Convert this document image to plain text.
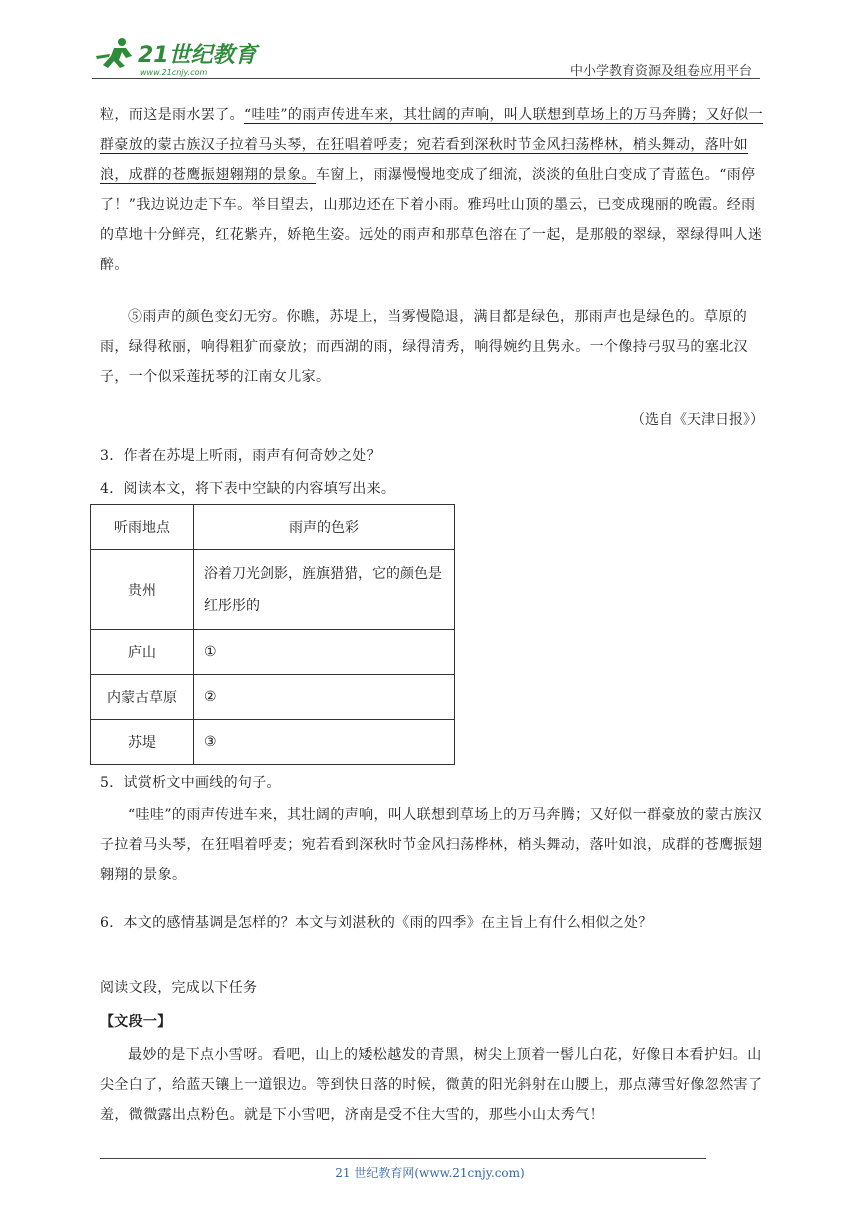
21世纪教育
www.21cnjy.com	中小学教育资源及组卷应用平台

粒，而这是雨水罢了。“哇哇”的雨声传进车来，其壮阔的声响，叫人联想到草场上的万马奔腾；又好似一群豪放的蒙古族汉子拉着马头琴，在狂唱着呼麦；宛若看到深秋时节金风扫荡桦林，梢头舞动，落叶如浪，成群的苍鹰振翅翱翔的景象。车窗上，雨瀑慢慢地变成了细流，淡淡的鱼肚白变成了青蓝色。“雨停了！”我边说边走下车。举目望去，山那边还在下着小雨。雅玛吐山顶的墨云，已变成瑰丽的晚霞。经雨的草地十分鲜亮，红花紫卉，娇艳生姿。远处的雨声和那草色溶在了一起，是那般的翠绿，翠绿得叫人迷醉。

⑤雨声的颜色变幻无穷。你瞧，苏堤上，当雾慢隐退，满目都是绿色，那雨声也是绿色的。草原的雨，绿得秾丽，响得粗犷而豪放；而西湖的雨，绿得清秀，响得婉约且隽永。一个像持弓驭马的塞北汉子，一个似采莲抚琴的江南女儿家。

（选自《天津日报》）

3．作者在苏堤上听雨，雨声有何奇妙之处？

4．阅读本文，将下表中空缺的内容填写出来。

听雨地点	雨声的色彩
贵州	浴着刀光剑影，旌旗猎猎，它的颜色是红彤彤的
庐山	①
内蒙古草原	②
苏堤	③

5．试赏析文中画线的句子。

“哇哇”的雨声传进车来，其壮阔的声响，叫人联想到草场上的万马奔腾；又好似一群豪放的蒙古族汉子拉着马头琴，在狂唱着呼麦；宛若看到深秋时节金风扫荡桦林，梢头舞动，落叶如浪，成群的苍鹰振翅翱翔的景象。

6．本文的感情基调是怎样的？本文与刘湛秋的《雨的四季》在主旨上有什么相似之处？

阅读文段，完成以下任务

【文段一】

最妙的是下点小雪呀。看吧，山上的矮松越发的青黑，树尖上顶着一髻儿白花，好像日本看护妇。山尖全白了，给蓝天镶上一道银边。等到快日落的时候，微黄的阳光斜射在山腰上，那点薄雪好像忽然害了羞，微微露出点粉色。就是下小雪吧，济南是受不住大雪的，那些小山太秀气！

21 世纪教育网(www.21cnjy.com)
